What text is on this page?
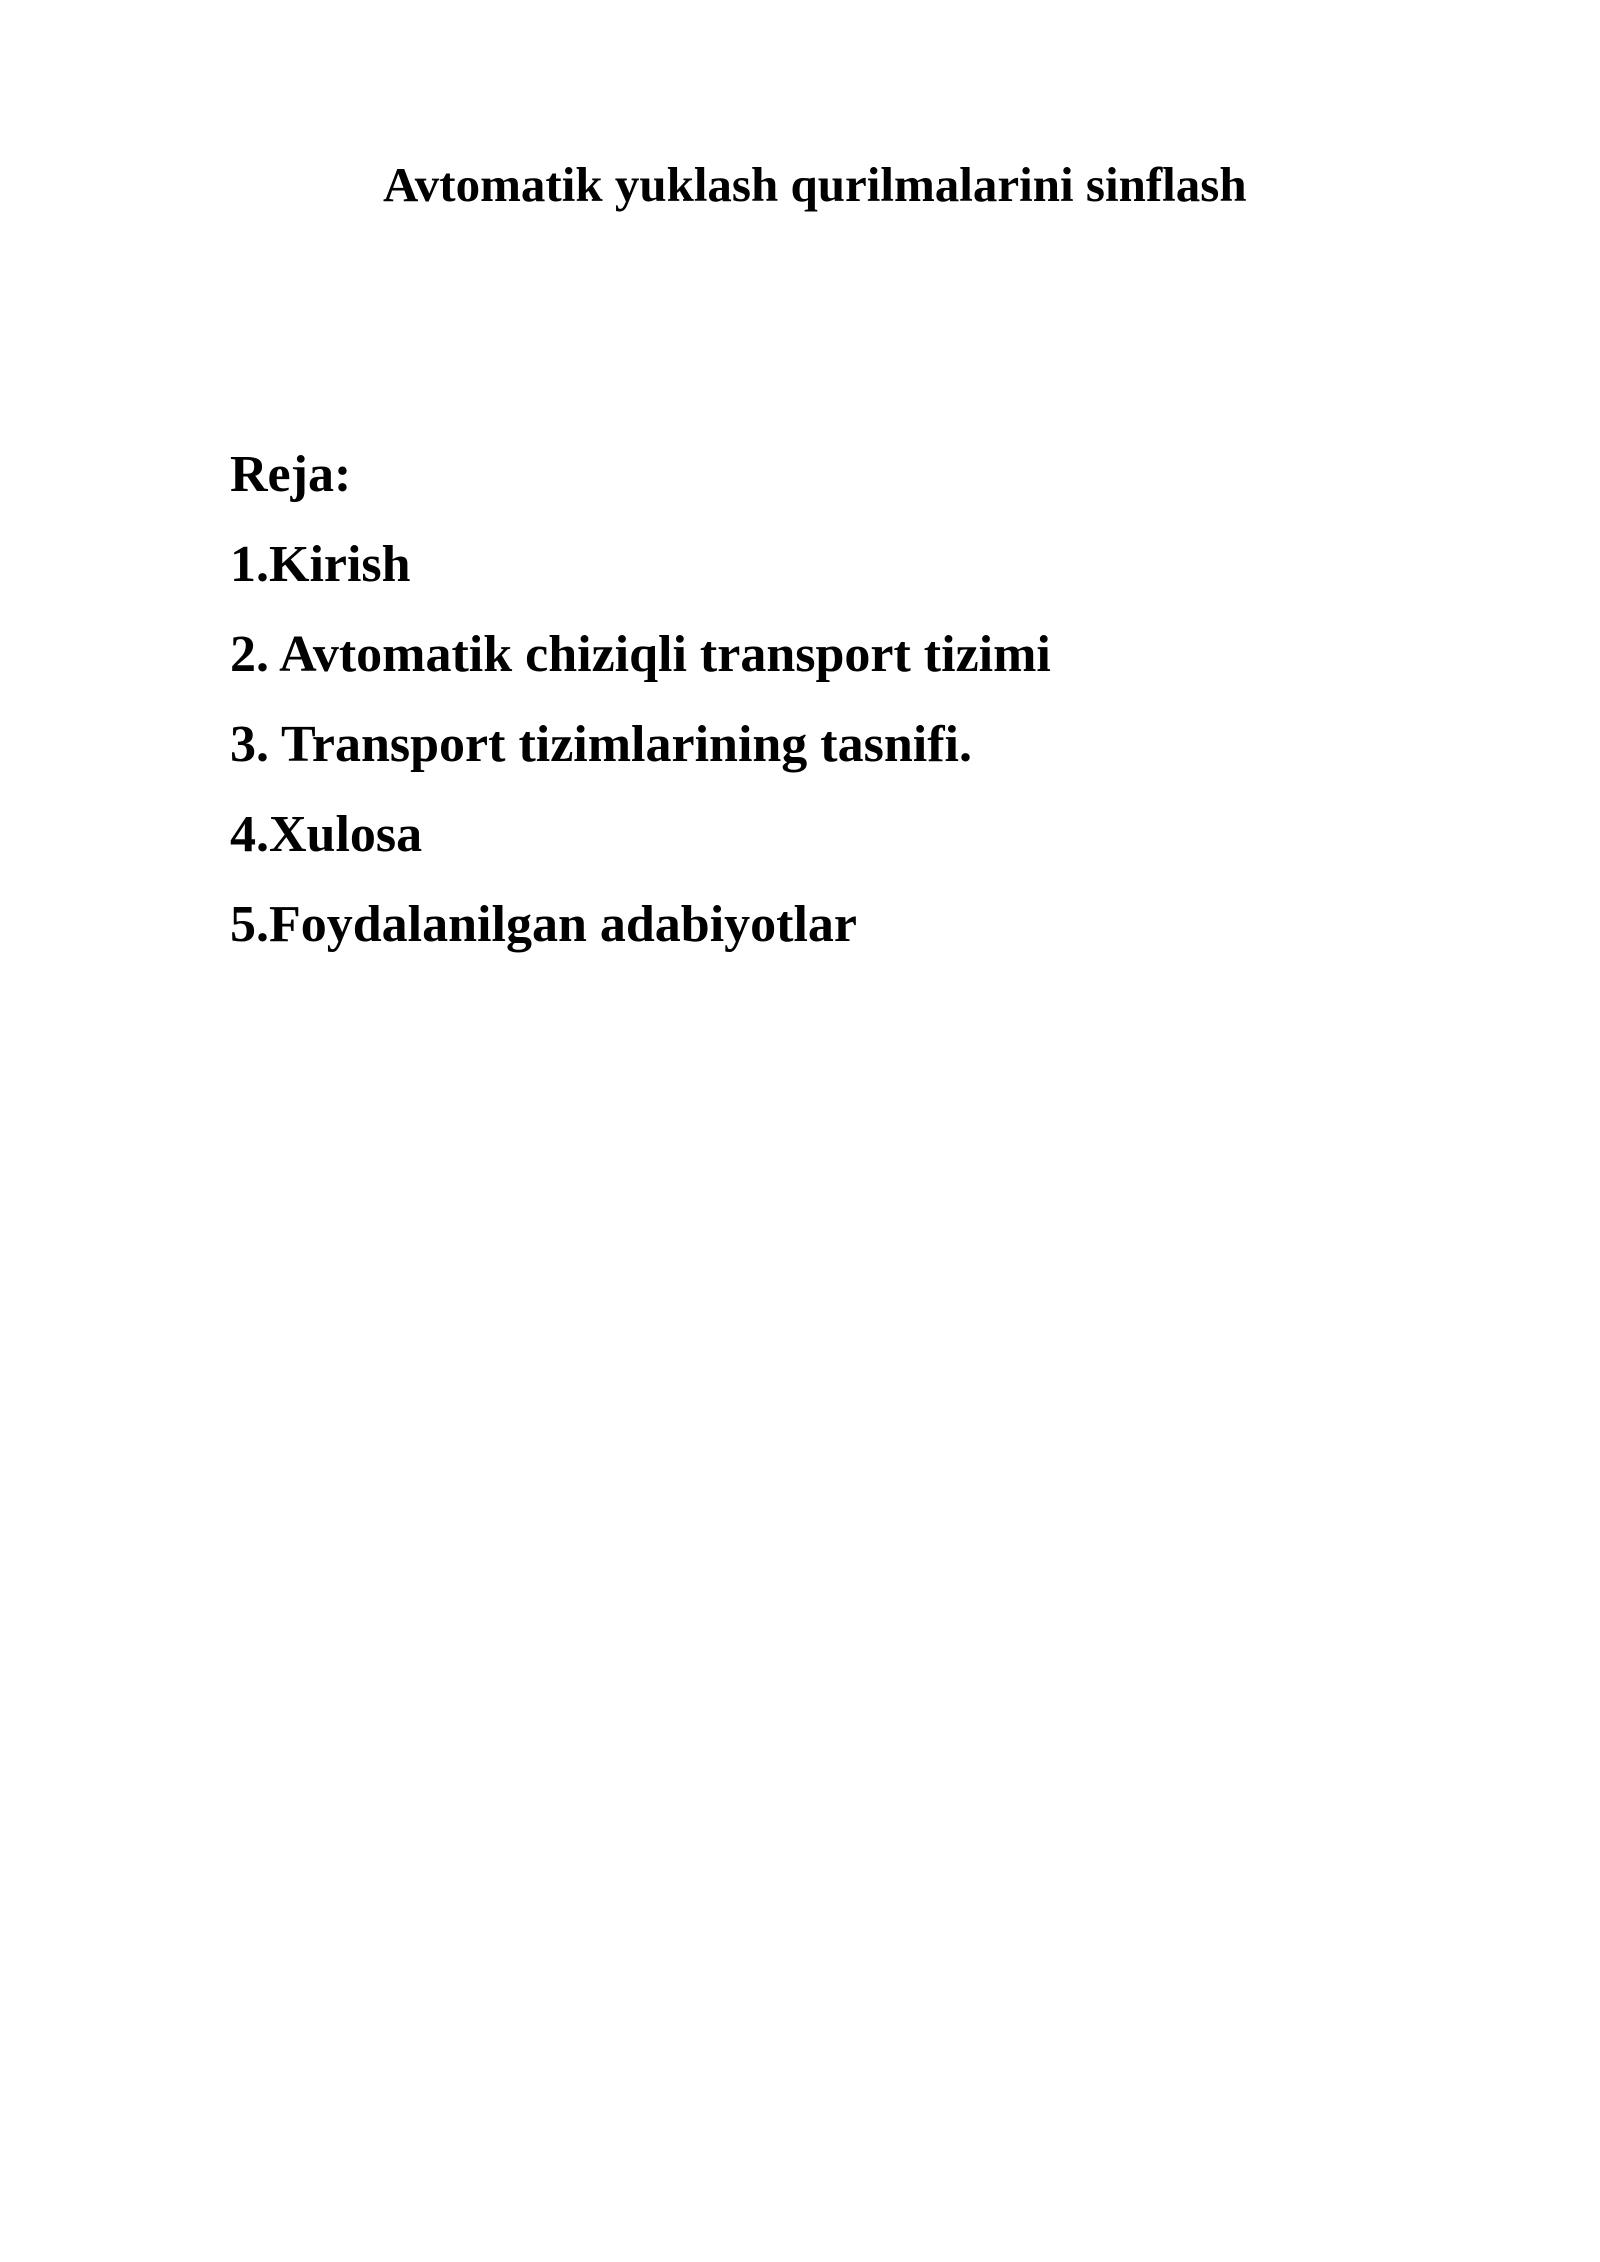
Avtomatik yuklash qurilmalarini sinflash
Reja:
1.Kirish
2. Avtomatik chiziqli transport tizimi
3. Transport tizimlarining tasnifi.
4.Xulosa
5.Foydalanilgan adabiyotlar
